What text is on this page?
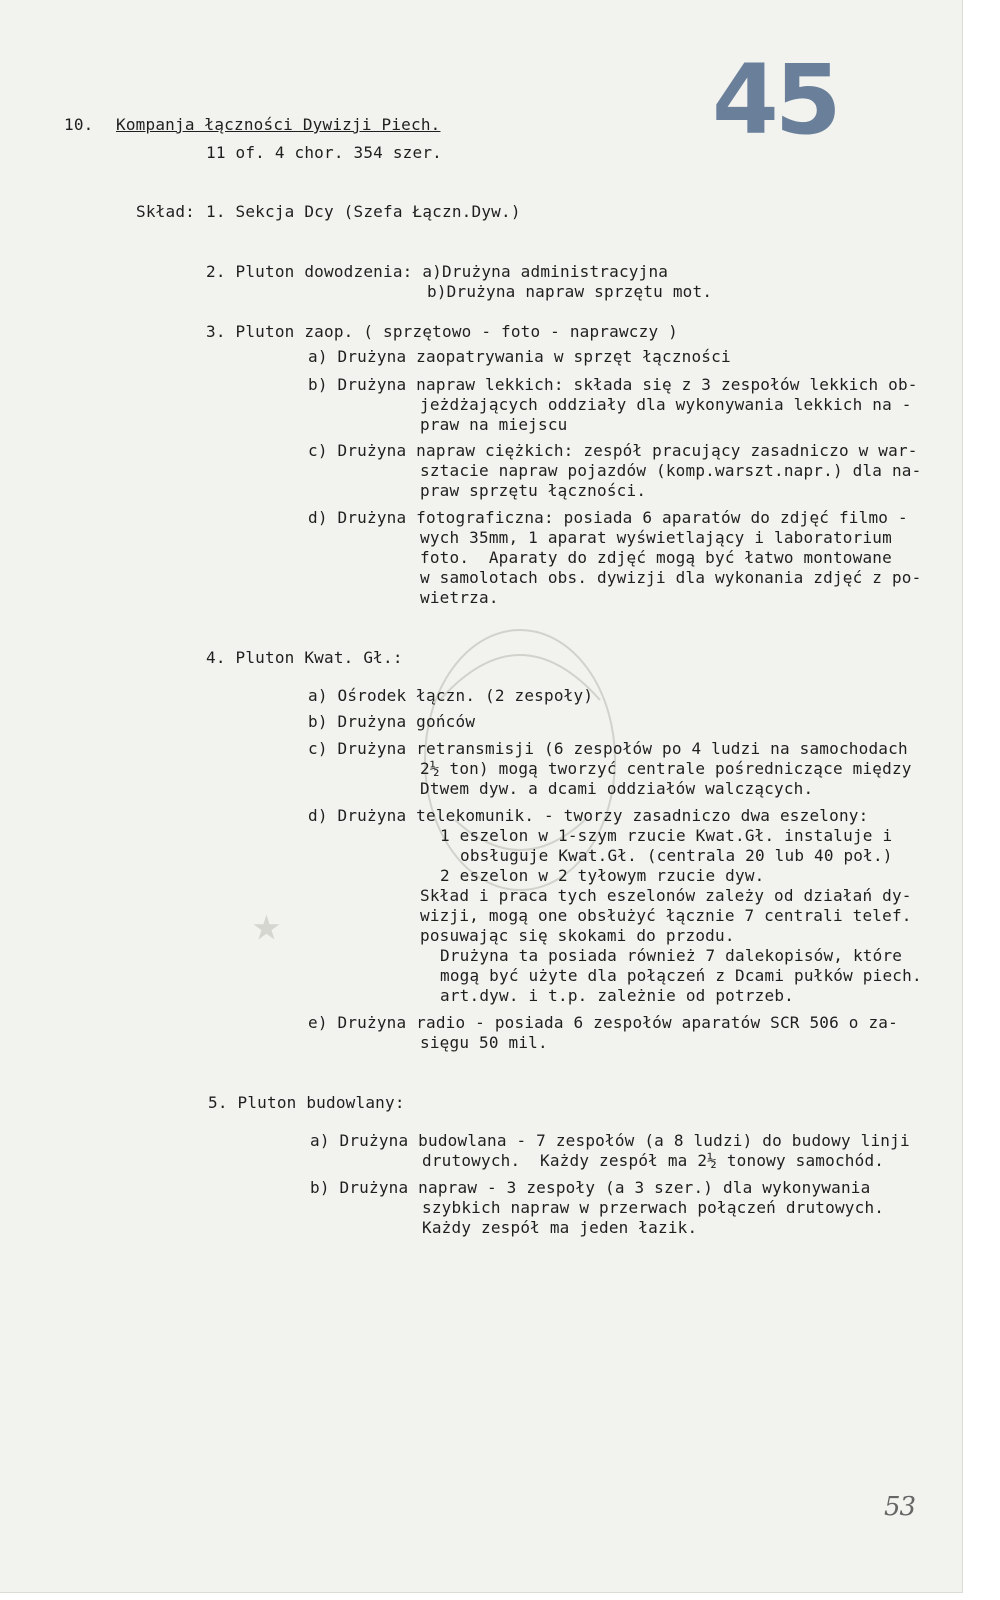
★
45
10. Kompanja łączności Dywizji Piech.
11 of. 4 chor. 354 szer.
Skład: 1. Sekcja Dcy (Szefa Łączn.Dyw.)
2. Pluton dowodzenia: a)Drużyna administracyjna
b)Drużyna napraw sprzętu mot.
3. Pluton zaop. ( sprzętowo - foto - naprawczy )
a) Drużyna zaopatrywania w sprzęt łączności
b) Drużyna napraw lekkich: składa się z 3 zespołów lekkich ob-
jeżdżających oddziały dla wykonywania lekkich na -
praw na miejscu
c) Drużyna napraw ciężkich: zespół pracujący zasadniczo w war-
sztacie napraw pojazdów (komp.warszt.napr.) dla na-
praw sprzętu łączności.
d) Drużyna fotograficzna: posiada 6 aparatów do zdjęć filmo -
wych 35mm, 1 aparat wyświetlający i laboratorium
foto.  Aparaty do zdjęć mogą być łatwo montowane
w samolotach obs. dywizji dla wykonania zdjęć z po-
wietrza.
4. Pluton Kwat. Gł.:
a) Ośrodek łączn. (2 zespoły)
b) Drużyna gońców
c) Drużyna retransmisji (6 zespołów po 4 ludzi na samochodach
2½ ton) mogą tworzyć centrale pośredniczące między
Dtwem dyw. a dcami oddziałów walczących.
d) Drużyna telekomunik. - tworzy zasadniczo dwa eszelony:
1 eszelon w 1-szym rzucie Kwat.Gł. instaluje i
obsługuje Kwat.Gł. (centrala 20 lub 40 poł.)
2 eszelon w 2 tyłowym rzucie dyw.
Skład i praca tych eszelonów zależy od działań dy-
wizji, mogą one obsłużyć łącznie 7 centrali telef.
posuwając się skokami do przodu.
Drużyna ta posiada również 7 dalekopisów, które
mogą być użyte dla połączeń z Dcami pułków piech.
art.dyw. i t.p. zależnie od potrzeb.
e) Drużyna radio - posiada 6 zespołów aparatów SCR 506 o za-
sięgu 50 mil.
5. Pluton budowlany:
a) Drużyna budowlana - 7 zespołów (a 8 ludzi) do budowy linji
drutowych.  Każdy zespół ma 2½ tonowy samochód.
b) Drużyna napraw - 3 zespoły (a 3 szer.) dla wykonywania
szybkich napraw w przerwach połączeń drutowych.
Każdy zespół ma jeden łazik.
53
